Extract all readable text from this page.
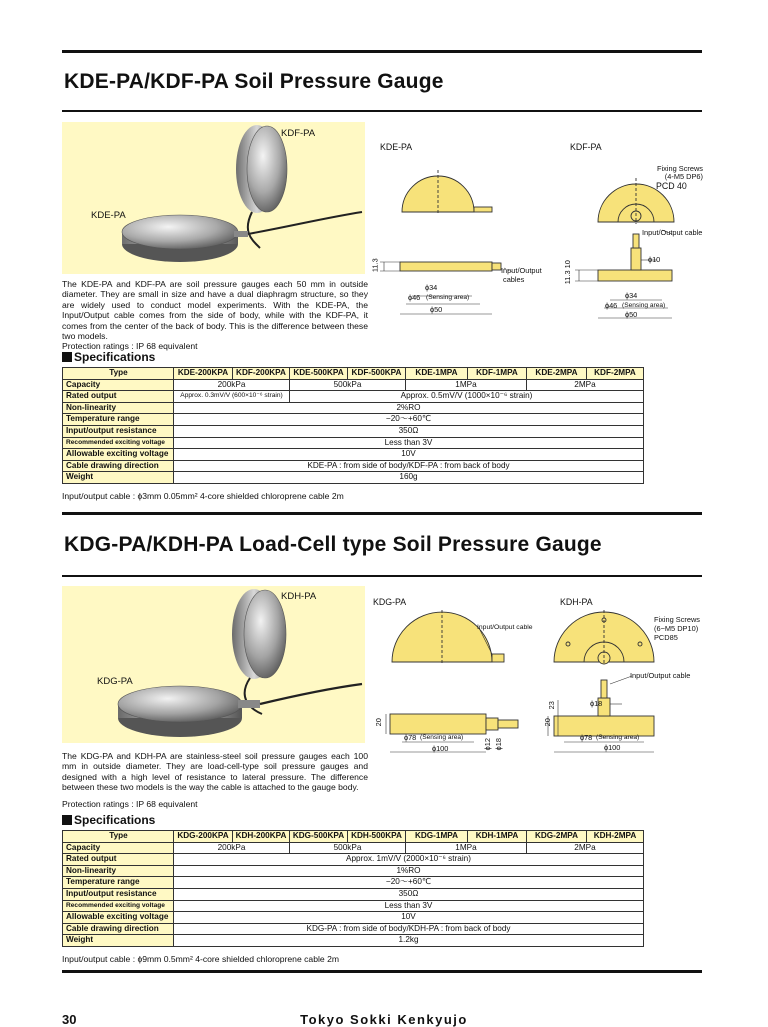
KDE-PA/KDF-PA Soil Pressure Gauge
KDF-PA
KDE-PA
KDE-PA	KDF-PA
Fixing Screws
(4-M5 DP6)
PCD 40
Input/Output cable
Input/Output
cables
11.3	11.3 10
ɸ34
ɸ46 (Sensing area)
ɸ50
ɸ10
ɸ34
ɸ46 (Sensing area)
ɸ50
The KDE-PA and KDF-PA are soil pressure gauges each 50 mm in outside diameter. They are small in size and have a dual diaphragm structure, so they are widely used to conduct model experiments. With the KDE-PA, the Input/Output cable comes from the side of body, while with the KDF-PA, it comes from the center of the back of body. This is the difference between these two models.
Protection ratings : IP 68 equivalent
Specifications
Type	KDE-200KPA	KDF-200KPA	KDE-500KPA	KDF-500KPA	KDE-1MPA	KDF-1MPA	KDE-2MPA	KDF-2MPA
Capacity	200kPa		500kPa		1MPa		2MPa	
Rated output	Approx. 0.3mV/V (600×10⁻⁶ strain)		Approx. 0.5mV/V (1000×10⁻⁶ strain)					
Non-linearity	2%RO							
Temperature range	−20〜+60℃							
Input/output resistance	350Ω							
Recommended exciting voltage	Less than 3V							
Allowable exciting voltage	10V							
Cable drawing direction	KDE-PA : from side of body/KDF-PA : from back of body							
Weight	160g							
Input/output cable : ɸ3mm 0.05mm² 4-core shielded chloroprene cable 2m
KDG-PA/KDH-PA Load-Cell type Soil Pressure Gauge
KDH-PA
KDG-PA
KDG-PA	KDH-PA
Input/Output cable
Fixing Screws
(6−M5 DP10)
PCD85
Input/Output cable
20	20
23
ɸ78 (Sensing area)
ɸ100	ɸ12 ɸ18
ɸ18
ɸ78 (Sensing area)
ɸ100
The KDG-PA and KDH-PA are stainless-steel soil pressure gauges each 100 mm in outside diameter. They are load-cell-type soil pressure gauges and designed with a high level of resistance to lateral pressure. The difference between these two models is the way the cable is attached to the gauge body.
Protection ratings : IP 68 equivalent
Specifications
Type	KDG-200KPA	KDH-200KPA	KDG-500KPA	KDH-500KPA	KDG-1MPA	KDH-1MPA	KDG-2MPA	KDH-2MPA
Capacity	200kPa		500kPa		1MPa		2MPa	
Rated output	Approx. 1mV/V (2000×10⁻⁶ strain)							
Non-linearity	1%RO							
Temperature range	−20〜+60℃							
Input/output resistance	350Ω							
Recommended exciting voltage	Less than 3V							
Allowable exciting voltage	10V							
Cable drawing direction	KDG-PA : from side of body/KDH-PA : from back of body							
Weight	1.2kg							
Input/output cable : ɸ9mm 0.5mm² 4-core shielded chloroprene cable 2m
30	Tokyo Sokki Kenkyujo
